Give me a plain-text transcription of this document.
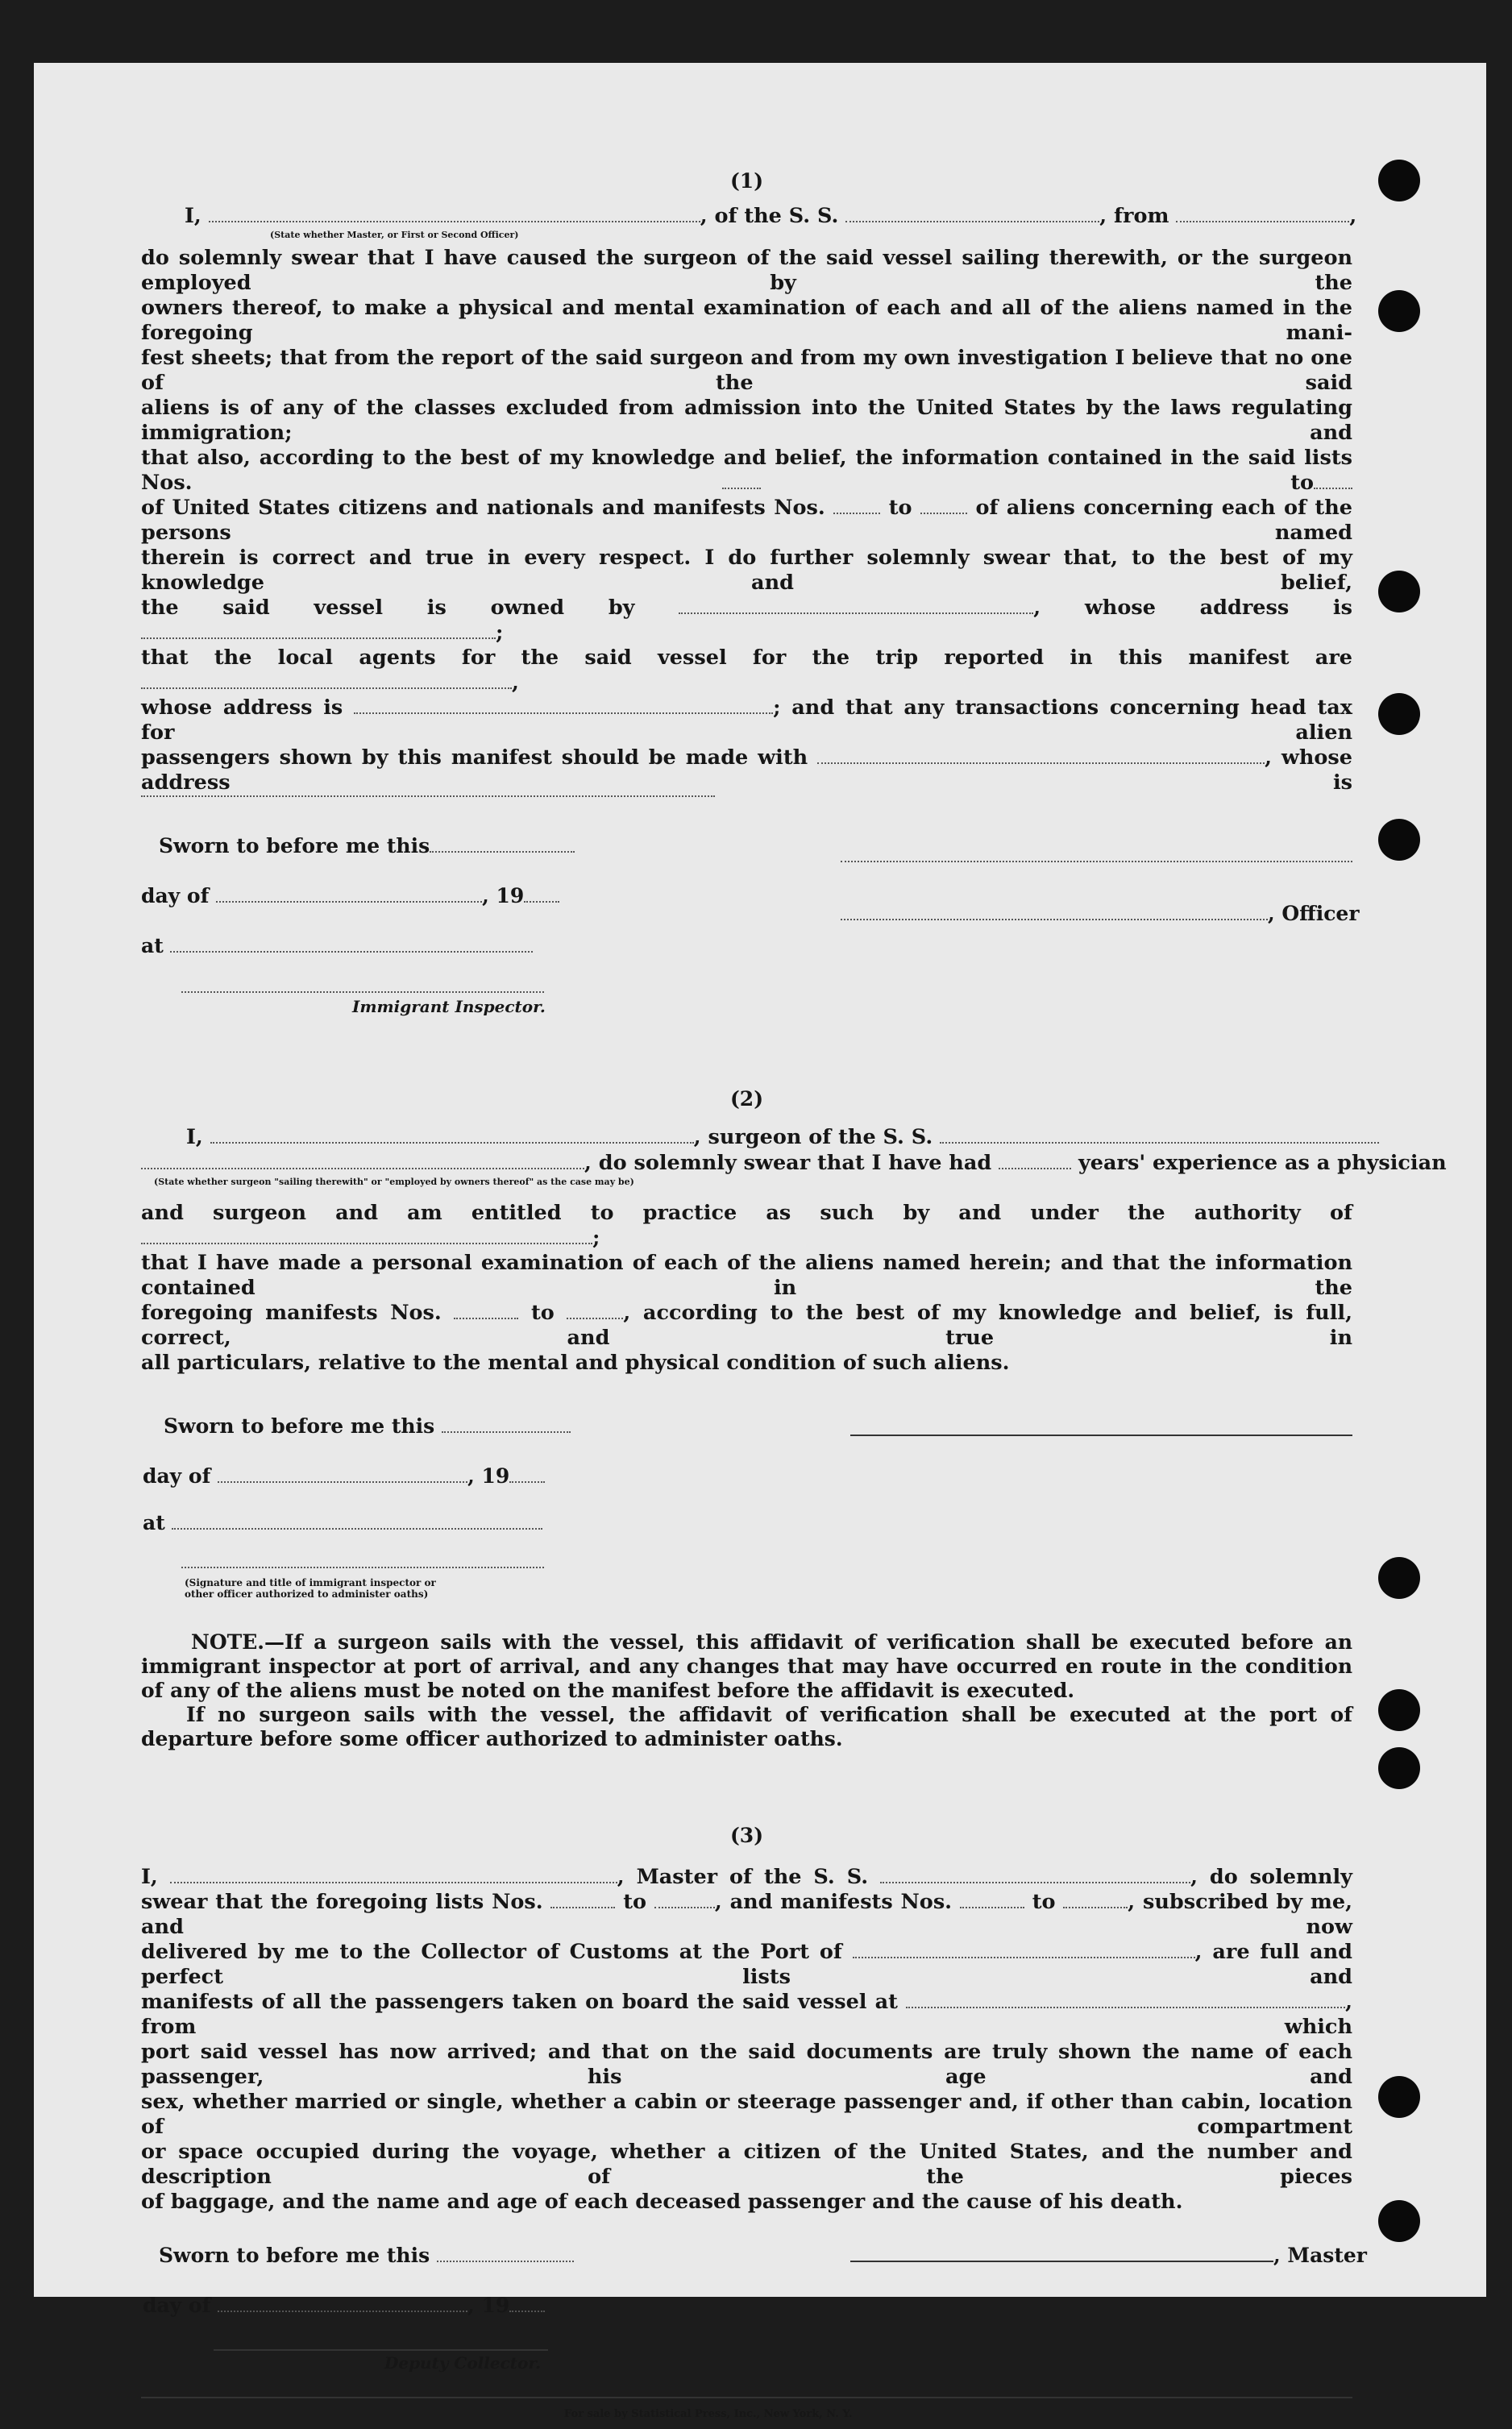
(1)

I,	, of the S. S.	, from	,
(State whether Master, or First or Second Officer)

do solemnly swear that I have caused the surgeon of the said vessel sailing therewith, or the surgeon employed by the

owners thereof, to make a physical and mental examination of each and all of the aliens named in the foregoing mani-

fest sheets; that from the report of the said surgeon and from my own investigation I believe that no one of the said

aliens is of any of the classes excluded from admission into the United States by the laws regulating immigration; and

that also, according to the best of my knowledge and belief, the information contained in the said lists Nos.	to

of United States citizens and nationals and manifests Nos.	to	of aliens concerning each of the persons named

therein is correct and true in every respect. I do further solemnly swear that, to the best of my knowledge and belief,

the said vessel is owned by	, whose address is ;

that the local agents for the said vessel for the trip reported in this manifest are ,

whose address is	; and that any transactions concerning head tax for alien

passengers shown by this manifest should be made with	, whose address is

Sworn to before me this
day of	, 19
, Officer
at
Immigrant Inspector.

(2)

I,	, surgeon of the S. S.
, do solemnly swear that I have had	years' experience as a physician
(State whether surgeon "sailing therewith" or "employed by owners thereof" as the case may be)

and surgeon and am entitled to practice as such by and under the authority of ;

that I have made a personal examination of each of the aliens named herein; and that the information contained in the

foregoing manifests Nos.	to	, according to the best of my knowledge and belief, is full, correct, and true in

all particulars, relative to the mental and physical condition of such aliens.

Sworn to before me this
day of	, 19
at
(Signature and title of immigrant inspector or
other officer authorized to administer oaths)

NOTE.—If a surgeon sails with the vessel, this affidavit of verification shall be executed before an immigrant inspector at port of arrival, and any changes that may have occurred en route in the condition of any of the aliens must be noted on the manifest before the affidavit is executed.

If no surgeon sails with the vessel, the affidavit of verification shall be executed at the port of departure before some officer authorized to administer oaths.

(3)

I,	, Master of the S. S.	, do solemnly

swear that the foregoing lists Nos.	to	, and manifests Nos.	to	, subscribed by me, and now

delivered by me to the Collector of Customs at the Port of	, are full and perfect lists and

manifests of all the passengers taken on board the said vessel at	, from which

port said vessel has now arrived; and that on the said documents are truly shown the name of each passenger, his age and

sex, whether married or single, whether a cabin or steerage passenger and, if other than cabin, location of compartment

or space occupied during the voyage, whether a citizen of the United States, and the number and description of the pieces

of baggage, and the name and age of each deceased passenger and the cause of his death.

Sworn to before me this	, Master
day of	, 19
Deputy Collector.
For sale by Statistical Press, Inc., New York, N. Y.
